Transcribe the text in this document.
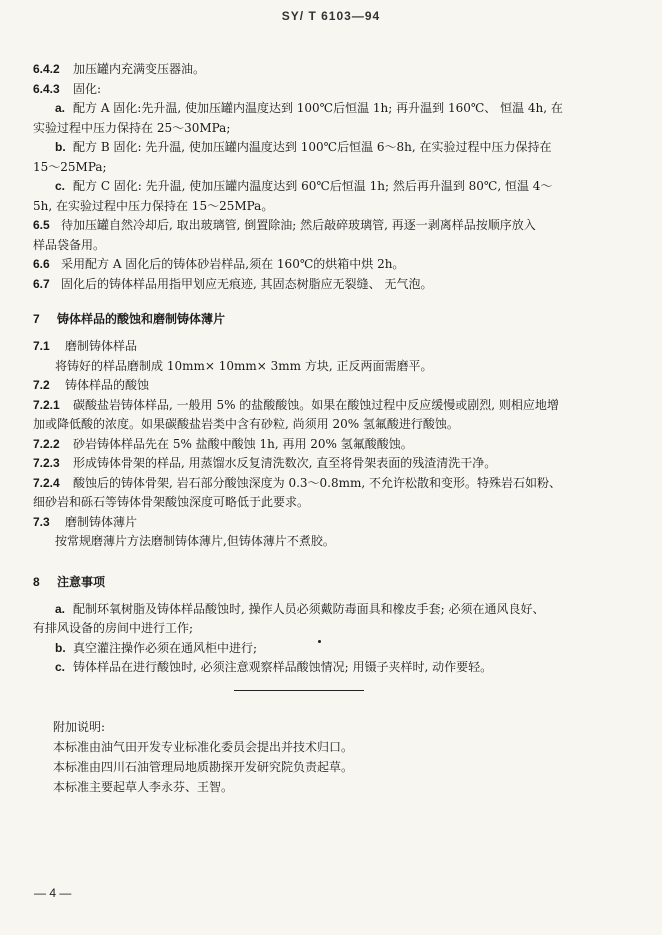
SY/ T 6103—94
6.4.2 加压罐内充满变压器油。
6.4.3 固化:
a. 配方 A 固化:先升温, 使加压罐内温度达到 100℃后恒温 1h; 再升温到 160℃、 恒温 4h, 在
实验过程中压力保持在 25～30MPa;
b. 配方 B 固化: 先升温, 使加压罐内温度达到 100℃后恒温 6～8h, 在实验过程中压力保持在
15～25MPa;
c. 配方 C 固化: 先升温, 使加压罐内温度达到 60℃后恒温 1h; 然后再升温到 80℃, 恒温 4～
5h, 在实验过程中压力保持在 15～25MPa。
6.5 待加压罐自然冷却后, 取出玻璃管, 倒置除油; 然后敲碎玻璃管, 再逐一剥离样品按顺序放入
样品袋备用。
6.6 采用配方 A 固化后的铸体砂岩样品,须在 160℃的烘箱中烘 2h。
6.7 固化后的铸体样品用指甲划应无痕迹, 其固态树脂应无裂缝、 无气泡。
7 铸体样品的酸蚀和磨制铸体薄片
7.1 磨制铸体样品
将铸好的样品磨制成 10mm× 10mm× 3mm 方块, 正反两面需磨平。
7.2 铸体样品的酸蚀
7.2.1 碳酸盐岩铸体样品, 一般用 5% 的盐酸酸蚀。如果在酸蚀过程中反应缓慢或剧烈, 则相应地增
加或降低酸的浓度。如果碳酸盐岩类中含有砂粒, 尚须用 20% 氢氟酸进行酸蚀。
7.2.2 砂岩铸体样品先在 5% 盐酸中酸蚀 1h, 再用 20% 氢氟酸酸蚀。
7.2.3 形成铸体骨架的样品, 用蒸馏水反复清洗数次, 直至将骨架表面的残渣清洗干净。
7.2.4 酸蚀后的铸体骨架, 岩石部分酸蚀深度为 0.3～0.8mm, 不允许松散和变形。特殊岩石如粉、
细砂岩和砾石等铸体骨架酸蚀深度可略低于此要求。
7.3 磨制铸体薄片
按常规磨薄片方法磨制铸体薄片,但铸体薄片不煮胶。
8 注意事项
a. 配制环氧树脂及铸体样品酸蚀时, 操作人员必须戴防毒面具和橡皮手套; 必须在通风良好、
有排风设备的房间中进行工作;
b. 真空灌注操作必须在通风柜中进行;
c. 铸体样品在进行酸蚀时, 必须注意观察样品酸蚀情况; 用镊子夹样时, 动作要轻。
附加说明:
本标准由油气田开发专业标准化委员会提出并技术归口。
本标准由四川石油管理局地质勘探开发研究院负责起草。
本标准主要起草人李永芬、王智。
— 4 —
